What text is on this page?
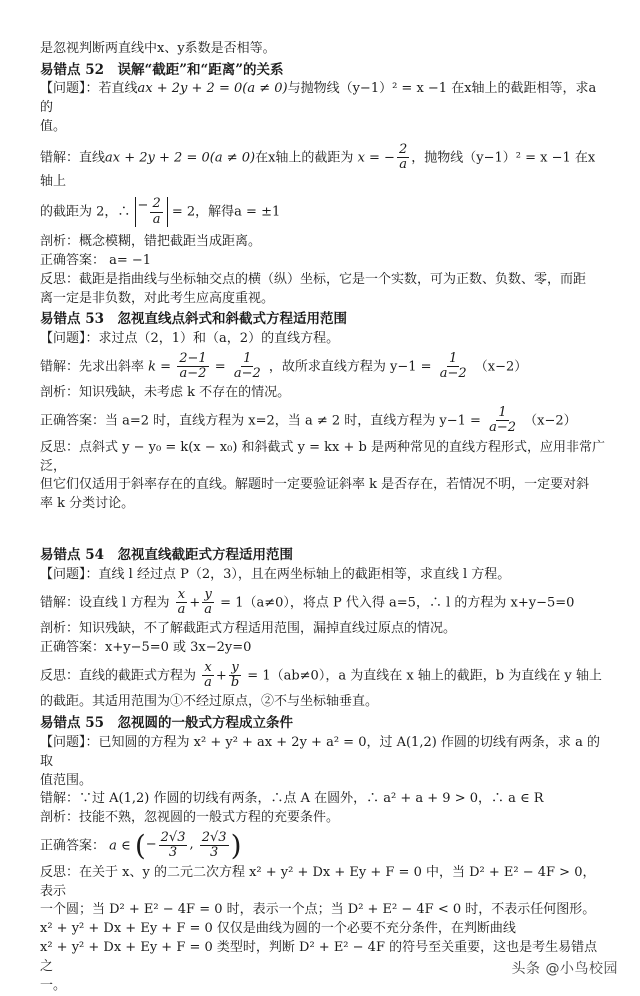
是忽视判断两直线中x、y系数是否相等。

易错点 52　误解“截距”和“距离”的关系

【问题】：若直线ax + 2y + 2 = 0(a ≠ 0)与抛物线（y−1）² = x −1 在x轴上的截距相等，求a的

值。

错解：直线ax + 2y + 2 = 0(a ≠ 0)在x轴上的截距为 x = − $\frac{2}{a}$ ，抛物线（y−1）² = x −1 在x轴上

的截距为 2，∴ − $\frac{2}{a} = 2$，解得a = ±1

剖析：概念模糊，错把截距当成距离。

正确答案： a= −1

反思：截距是指曲线与坐标轴交点的横（纵）坐标，它是一个实数，可为正数、负数、零，而距

离一定是非负数，对此考生应高度重视。

易错点 53　忽视直线点斜式和斜截式方程适用范围

【问题】：求过点（2，1）和（a，2）的直线方程。

错解：先求出斜率 $k = \frac{2-1}{a-2} = \frac{1}{a-2}$ ，故所求直线方程为 $y-1 = \frac{1}{a-2} (x-2)$

剖析：知识残缺，未考虑 k 不存在的情况。

正确答案：当 a=2 时，直线方程为 x=2，当 a ≠ 2 时，直线方程为 $y-1 = \frac{1}{a-2} (x-2)$

反思：点斜式 y − y₀ = k(x − x₀) 和斜截式 y = kx + b 是两种常见的直线方程形式，应用非常广泛，

但它们仅适用于斜率存在的直线。解题时一定要验证斜率 k 是否存在，若情况不明，一定要对斜

率 k 分类讨论。

易错点 54　忽视直线截距式方程适用范围

【问题】：直线 l 经过点 P（2，3），且在两坐标轴上的截距相等，求直线 l 方程。

错解：设直线 l 方程为 $\frac{x}{a} + \frac{y}{a} = 1(a\ne 0)$，将点 P 代入得 a=5，∴ l 的方程为 x+y−5=0

剖析：知识残缺，不了解截距式方程适用范围，漏掉直线过原点的情况。

正确答案：x+y−5=0 或 3x−2y=0

反思：直线的截距式方程为 $\frac{x}{a} + \frac{y}{b} = 1(ab\ne 0)$，a 为直线在 x 轴上的截距，b 为直线在 y 轴上

的截距。其适用范围为①不经过原点，②不与坐标轴垂直。

易错点 55　忽视圆的一般式方程成立条件

【问题】：已知圆的方程为 x² + y² + ax + 2y + a² = 0，过 A(1,2) 作圆的切线有两条，求 a 的取

值范围。

错解：∵过 A(1,2) 作圆的切线有两条，∴点 A 在圆外，∴ a² + a + 9 > 0，∴ a ∈ R

剖析：技能不熟，忽视圆的一般式方程的充要条件。

正确答案： a ∈ ( − $\frac{2√3}{3}$ , $\frac{2√3}{3}$ )

反思：在关于 x、y 的二元二次方程 x² + y² + Dx + Ey + F = 0 中，当 D² + E² − 4F > 0，表示

一个圆；当 D² + E² − 4F = 0 时，表示一个点；当 D² + E² − 4F < 0 时，不表示任何图形。

x² + y² + Dx + Ey + F = 0 仅仅是曲线为圆的一个必要不充分条件，在判断曲线

x² + y² + Dx + Ey + F = 0 类型时，判断 D² + E² − 4F 的符号至关重要，这也是考生易错点之

一。

头条 @小鸟校园
